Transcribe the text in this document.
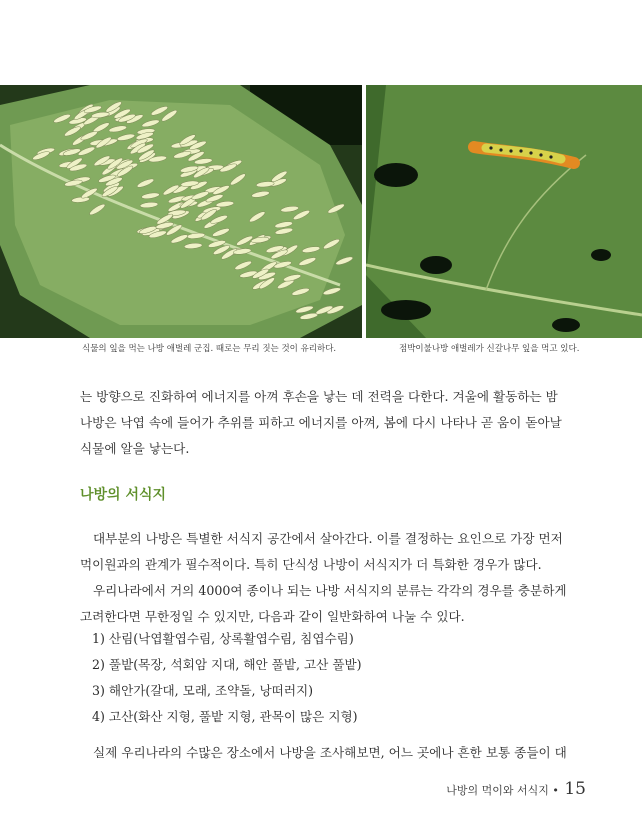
식물의 잎을 먹는 나방 애벌레 군집. 때로는 무리 짓는 것이 유리하다.	점박이불나방 애벌레가 신갈나무 잎을 먹고 있다.
는 방향으로 진화하여 에너지를 아껴 후손을 낳는 데 전력을 다한다. 겨울에 활동하는 밤
나방은 낙엽 속에 들어가 추위를 피하고 에너지를 아껴, 봄에 다시 나타나 곧 움이 돋아날
식물에 알을 낳는다.
나방의 서식지
대부분의 나방은 특별한 서식지 공간에서 살아간다. 이를 결정하는 요인으로 가장 먼저
먹이원과의 관계가 필수적이다. 특히 단식성 나방이 서식지가 더 특화한 경우가 많다.
우리나라에서 거의 4000여 종이나 되는 나방 서식지의 분류는 각각의 경우를 충분하게
고려한다면 무한정일 수 있지만, 다음과 같이 일반화하여 나눌 수 있다.
1) 산림(낙엽활엽수림, 상록활엽수림, 침엽수림)
2) 풀밭(목장, 석회암 지대, 해안 풀밭, 고산 풀밭)
3) 해안가(갈대, 모래, 조약돌, 낭떠러지)
4) 고산(화산 지형, 풀밭 지형, 관목이 많은 지형)
실제 우리나라의 수많은 장소에서 나방을 조사해보면, 어느 곳에나 흔한 보통 종들이 대
나방의 먹이와 서식지 • 15
